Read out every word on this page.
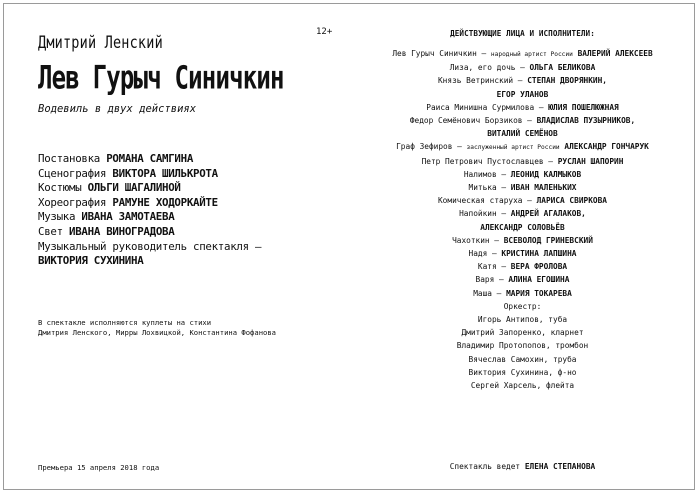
Дмитрий Ленский
Лев Гурыч Синичкин
Водевиль в двух действиях
Постановка РОМАНА САМГИНА
Сценография ВИКТОРА ШИЛЬКРОТА
Костюмы ОЛЬГИ ШАГАЛИНОЙ
Хореография РАМУНЕ ХОДОРКАЙТЕ
Музыка ИВАНА ЗАМОТАЕВА
Свет ИВАНА ВИНОГРАДОВА
Музыкальный руководитель спектакля –
ВИКТОРИЯ СУХИНИНА
В спектакле исполняются куплеты на стихи
Дмитрия Ленского, Мирры Лохвицкой, Константина Фофанова
Премьера 15 апреля 2018 года
12+	ДЕЙСТВУЮЩИЕ ЛИЦА И ИСПОЛНИТЕЛИ:
Лев Гурыч Синичкин – народный артист России ВАЛЕРИЙ АЛЕКСЕЕВ
Лиза, его дочь – ОЛЬГА БЕЛИКОВА
Князь Ветринский – СТЕПАН ДВОРЯНКИН,
ЕГОР УЛАНОВ
Раиса Минишна Сурмилова – ЮЛИЯ ПОШЕЛЮЖНАЯ
Федор Семёнович Борзиков – ВЛАДИСЛАВ ПУЗЫРНИКОВ,
ВИТАЛИЙ СЕМЁНОВ
Граф Зефиров – заслуженный артист России АЛЕКСАНДР ГОНЧАРУК
Петр Петрович Пустославцев – РУСЛАН ШАПОРИН
Налимов – ЛЕОНИД КАЛМЫКОВ
Митька – ИВАН МАЛЕНЬКИХ
Комическая старуха – ЛАРИСА СВИРКОВА
Напойкин – АНДРЕЙ АГАЛАКОВ,
АЛЕКСАНДР СОЛОВЬЁВ
Чахоткин – ВСЕВОЛОД ГРИНЕВСКИЙ
Надя – КРИСТИНА ЛАПШИНА
Катя – ВЕРА ФРОЛОВА
Варя – АЛИНА ЕГОШИНА
Маша – МАРИЯ ТОКАРЕВА
Оркестр:
Игорь Антипов, туба
Дмитрий Запоренко, кларнет
Владимир Протопопов, тромбон
Вячеслав Самохин, труба
Виктория Сухинина, ф-но
Сергей Харсель, флейта
Спектакль ведет ЕЛЕНА СТЕПАНОВА
